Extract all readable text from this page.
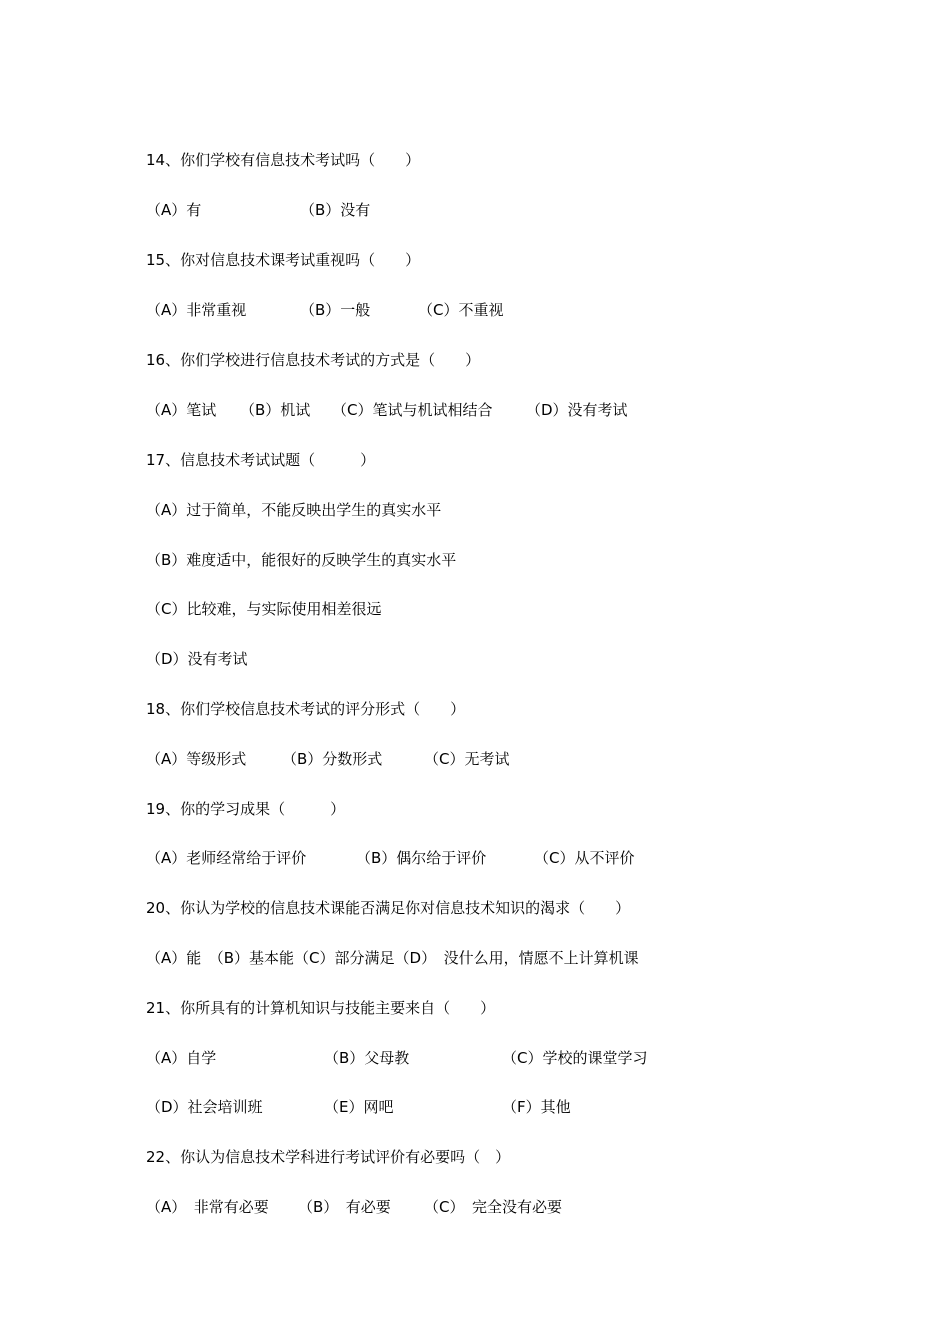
14、你们学校有信息技术考试吗（　　）
（A）有	（B）没有
15、你对信息技术课考试重视吗（　　）
（A）非常重视	（B）一般	（C）不重视
16、你们学校进行信息技术考试的方式是（　　）
（A）笔试 （B）机试 （C）笔试与机试相结合 （D）没有考试
17、信息技术考试试题（　　　）
（A）过于简单，不能反映出学生的真实水平
（B）难度适中，能很好的反映学生的真实水平
（C）比较难，与实际使用相差很远
（D）没有考试
18、你们学校信息技术考试的评分形式（　　）
（A）等级形式 （B）分数形式	（C）无考试
19、你的学习成果（　　　）
（A）老师经常给于评价	（B）偶尔给于评价	（C）从不评价
20、你认为学校的信息技术课能否满足你对信息技术知识的渴求（　　）
（A）能　（B）基本能（C）部分满足（D）　没什么用，情愿不上计算机课
21、你所具有的计算机知识与技能主要来自（　　）
（A）自学	（B）父母教	（C）学校的课堂学习
（D）社会培训班	（E）网吧	（F）其他
22、你认为信息技术学科进行考试评价有必要吗（　）
（A）　非常有必要 （B）　有必要 （C）　完全没有必要
